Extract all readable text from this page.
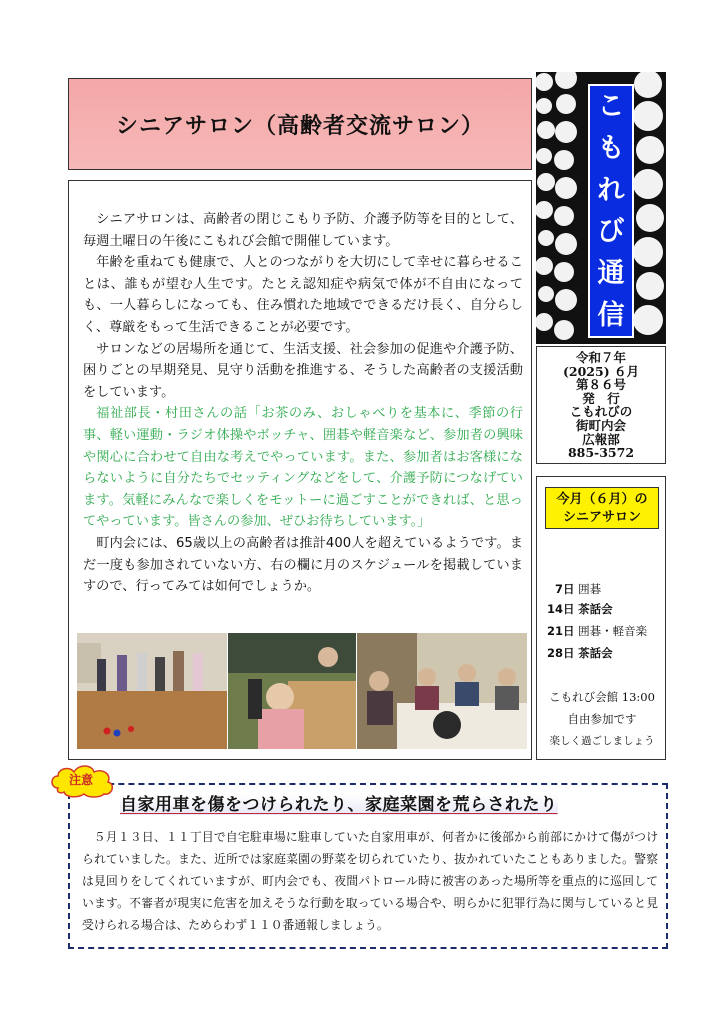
シニアサロン（高齢者交流サロン）
こ
も
れ
び
通
信
令和７年
(2025) ６月
第８６号
発　行
こもれびの
街町内会
広報部
885-3572
今月（６月）の
シニアサロン
7日 囲碁
14日 茶話会
21日 囲碁・軽音楽
28日 茶話会
こもれび会館 13:00
自由参加です
楽しく過ごしましょう

シニアサロンは、高齢者の閉じこもり予防、介護予防等を目的として、毎週土曜日の午後にこもれび会館で開催しています。

年齢を重ねても健康で、人とのつながりを大切にして幸せに暮らせることは、誰もが望む人生です。たとえ認知症や病気で体が不自由になっても、一人暮らしになっても、住み慣れた地域でできるだけ長く、自分らしく、尊厳をもって生活できることが必要です。

サロンなどの居場所を通じて、生活支援、社会参加の促進や介護予防、困りごとの早期発見、見守り活動を推進する、そうした高齢者の支援活動をしています。

福祉部長・村田さんの話「お茶のみ、おしゃべりを基本に、季節の行事、軽い運動・ラジオ体操やボッチャ、囲碁や軽音楽など、参加者の興味や関心に合わせて自由な考えでやっています。また、参加者はお客様にならないように自分たちでセッティングなどをして、介護予防につなげています。気軽にみんなで楽しくをモットーに過ごすことができれば、と思ってやっています。皆さんの参加、ぜひお待ちしています。」

町内会には、65歳以上の高齢者は推計400人を超えているようです。まだ一度も参加されていない方、右の欄に月のスケジュールを掲載していますので、行ってみては如何でしょうか。

注意
自家用車を傷をつけられたり、家庭菜園を荒らされたり
５月１３日、１１丁目で自宅駐車場に駐車していた自家用車が、何者かに後部から前部にかけて傷がつけられていました。また、近所では家庭菜園の野菜を切られていたり、抜かれていたこともありました。警察は見回りをしてくれていますが、町内会でも、夜間パトロール時に被害のあった場所等を重点的に巡回しています。不審者が現実に危害を加えそうな行動を取っている場合や、明らかに犯罪行為に関与していると見受けられる場合は、ためらわず１１０番通報しましょう。
